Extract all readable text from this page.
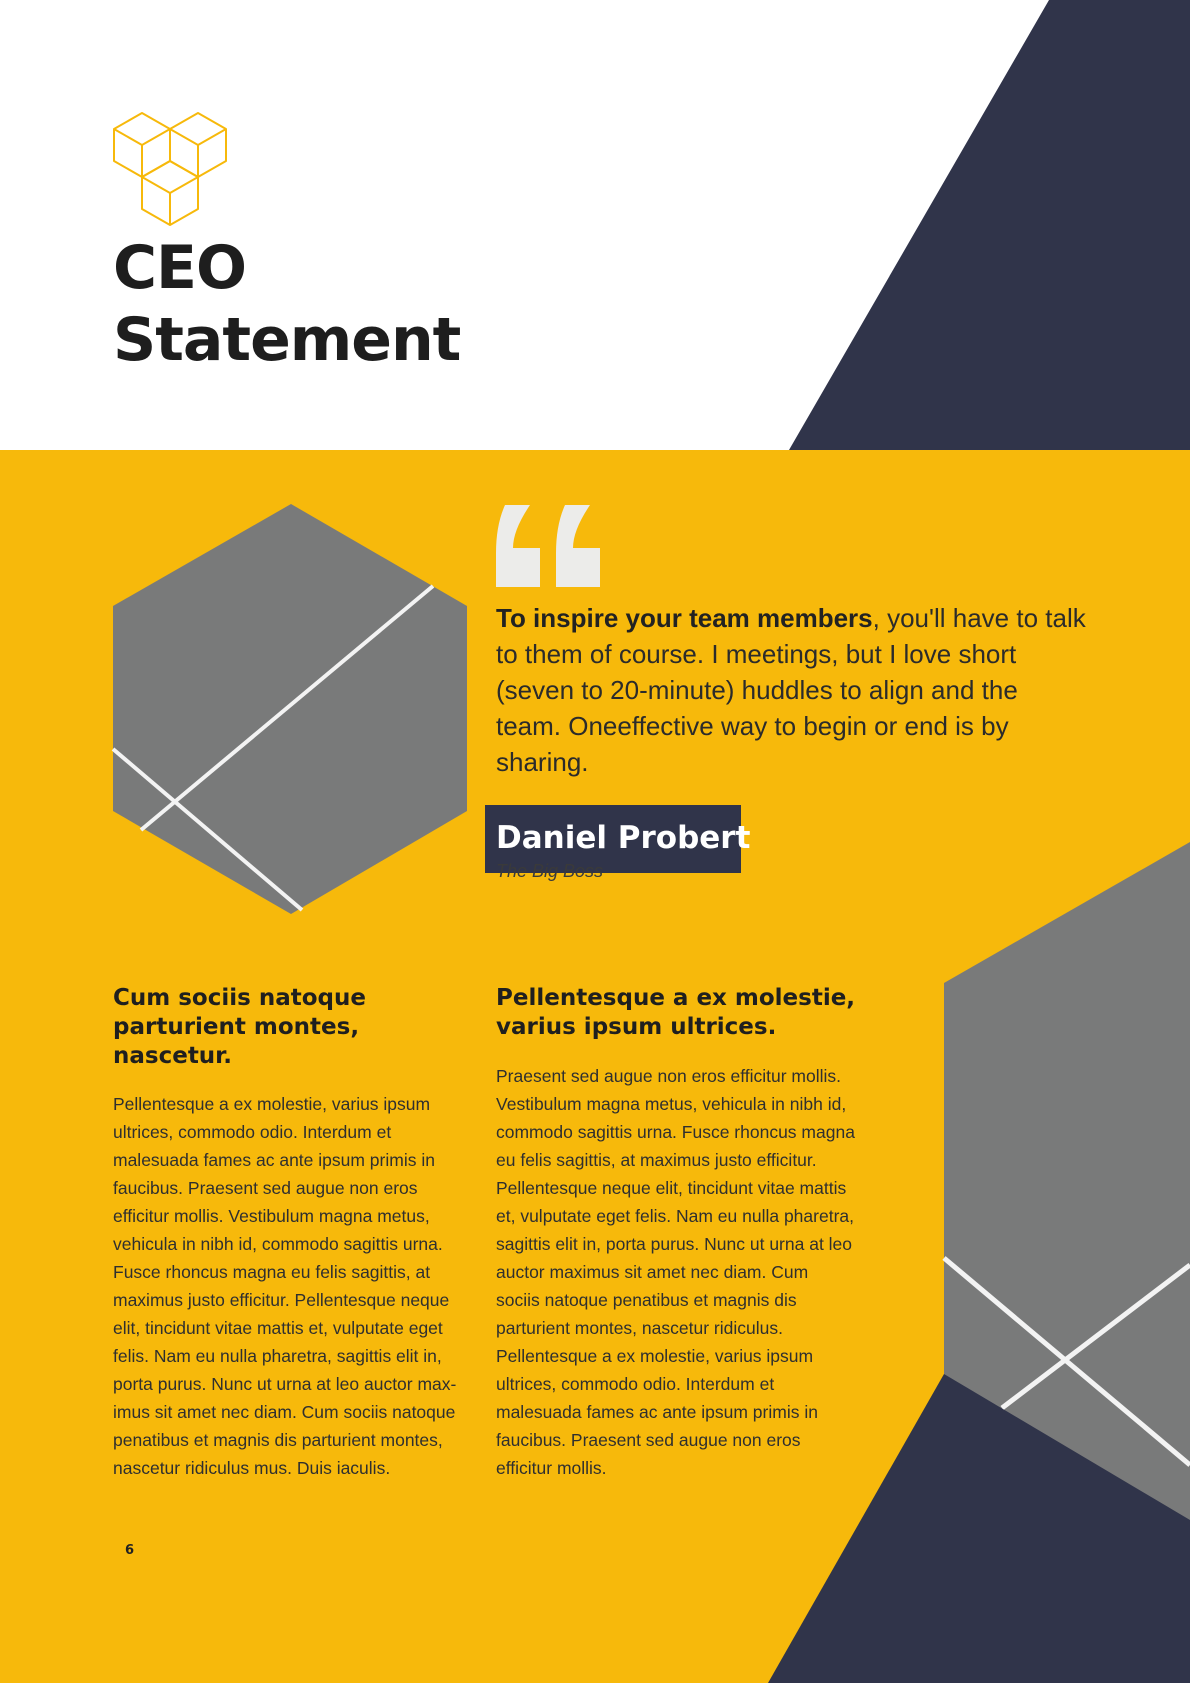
CEO
Statement

To inspire your team members, you'll have to talk to them of course. I meetings, but I love short (seven to 20-minute) huddles to align and the team. Oneeffective way to begin or end is by sharing.

Daniel Probert

The Big Boss

Cum sociis natoque parturient montes, nascetur.

Pellentesque a ex molestie, varius ipsum ultrices, commodo odio. Interdum et malesuada fames ac ante ipsum primis in faucibus. Praesent sed augue non eros efficitur mollis. Vestibulum magna metus, vehicula in nibh id, commodo sagittis urna. Fusce rhoncus magna eu felis sagittis, at maximus justo efficitur. Pellentesque neque elit, tincidunt vitae mattis et, vulputate eget felis. Nam eu nulla pharetra, sagittis elit in, porta purus. Nunc ut urna at leo auctor maximus sit amet nec diam. Cum sociis natoque penatibus et magnis dis parturient montes, nascetur ridiculus mus. Duis iaculis.

Pellentesque a ex molestie, varius ipsum ultrices.

Praesent sed augue non eros efficitur mollis. Vestibulum magna metus, vehicula in nibh id, commodo sagittis urna. Fusce rhoncus magna eu felis sagittis, at maximus justo efficitur. Pellentesque neque elit, tincidunt vitae mattis et, vulputate eget felis. Nam eu nulla pharetra, sagittis elit in, porta purus. Nunc ut urna at leo auctor maximus sit amet nec diam. Cum sociis natoque penatibus et magnis dis parturient montes, nascetur ridiculus. Pellentesque a ex molestie, varius ipsum ultrices, commodo odio. Interdum et malesuada fames ac ante ipsum primis in faucibus. Praesent sed augue non eros efficitur mollis.

6
